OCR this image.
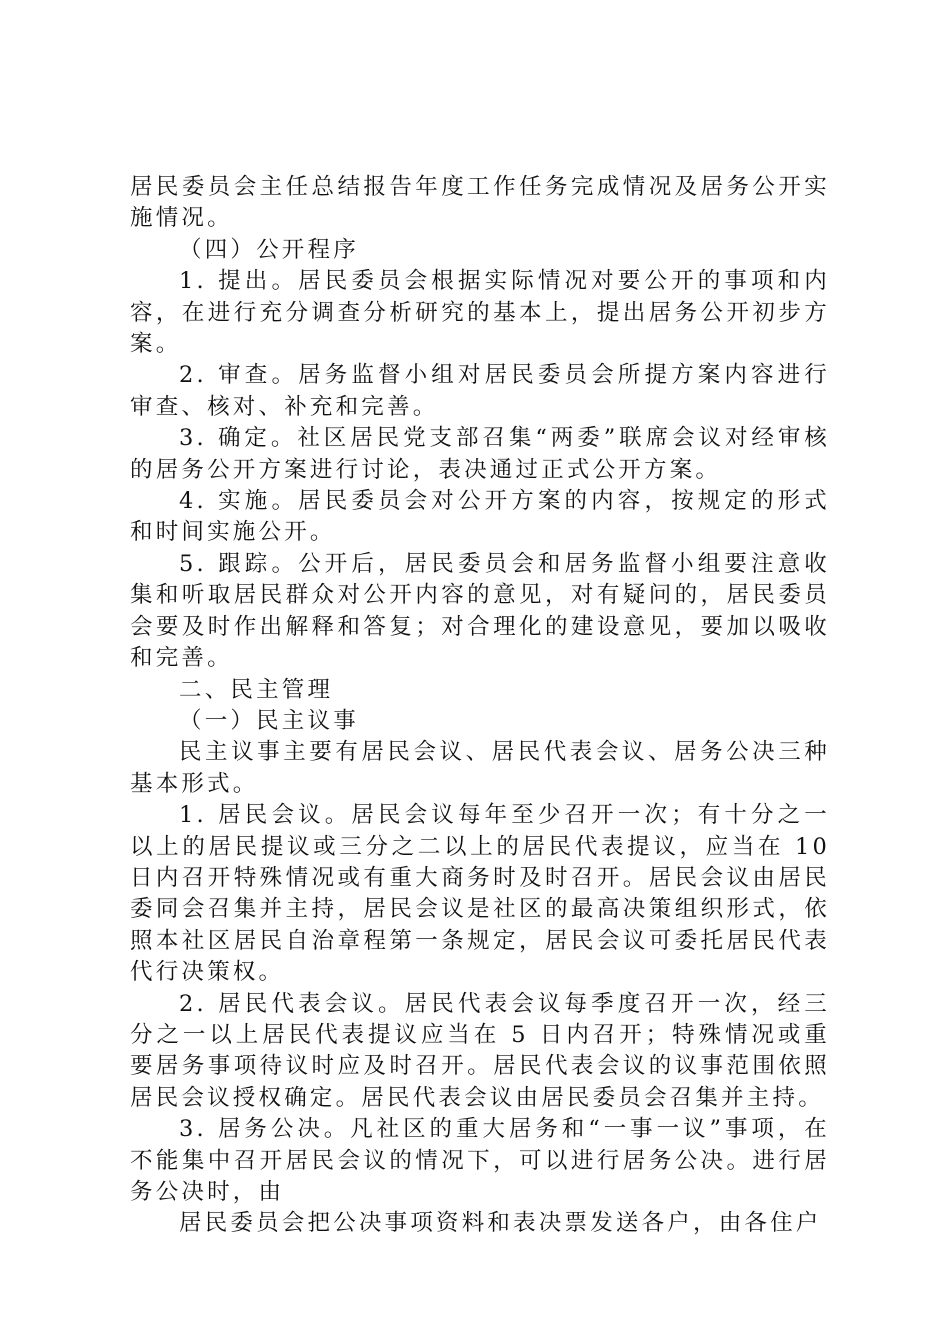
居民委员会主任总结报告年度工作任务完成情况及居务公开实施情况。

（四）公开程序

1. 提出。居民委员会根据实际情况对要公开的事项和内容，在进行充分调查分析研究的基本上，提出居务公开初步方案。

2. 审查。居务监督小组对居民委员会所提方案内容进行审查、核对、补充和完善。

3. 确定。社区居民党支部召集“两委”联席会议对经审核的居务公开方案进行讨论，表决通过正式公开方案。

4. 实施。居民委员会对公开方案的内容，按规定的形式和时间实施公开。

5. 跟踪。公开后，居民委员会和居务监督小组要注意收集和听取居民群众对公开内容的意见，对有疑问的，居民委员会要及时作出解释和答复；对合理化的建设意见，要加以吸收和完善。

二、民主管理

（一）民主议事

民主议事主要有居民会议、居民代表会议、居务公决三种基本形式。

1. 居民会议。居民会议每年至少召开一次；有十分之一以上的居民提议或三分之二以上的居民代表提议，应当在 10 日内召开特殊情况或有重大商务时及时召开。居民会议由居民委同会召集并主持，居民会议是社区的最高决策组织形式，依照本社区居民自治章程第一条规定，居民会议可委托居民代表代行决策权。

2. 居民代表会议。居民代表会议每季度召开一次，经三分之一以上居民代表提议应当在 5 日内召开；特殊情况或重要居务事项待议时应及时召开。居民代表会议的议事范围依照居民会议授权确定。居民代表会议由居民委员会召集并主持。

3. 居务公决。凡社区的重大居务和“一事一议”事项，在不能集中召开居民会议的情况下，可以进行居务公决。进行居务公决时，由

居民委员会把公决事项资料和表决票发送各户，由各住户
